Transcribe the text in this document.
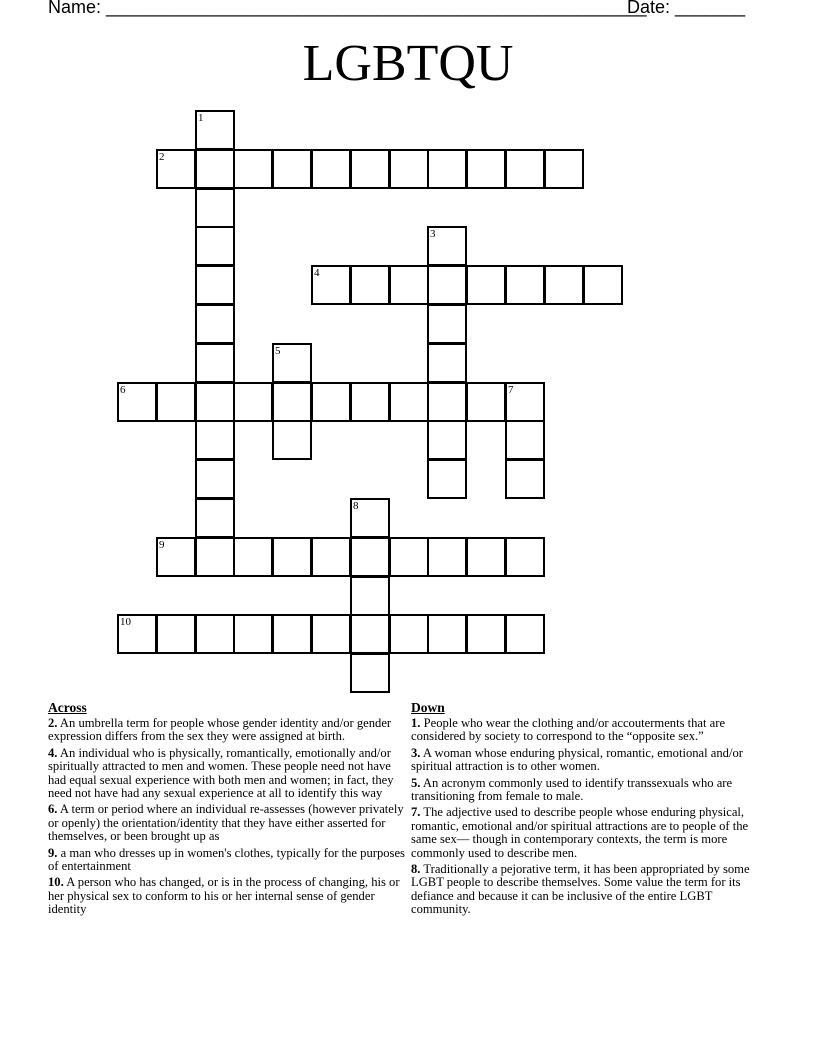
Name: ______________________________________________________
Date: _______
LGBTQU
1
2
3
4
5
6	7
8
9
10
Across
2. An umbrella term for people whose gender identity and/or gender expression differs from the sex they were assigned at birth.
4. An individual who is physically, romantically, emotionally and/or spiritually attracted to men and women. These people need not have had equal sexual experience with both men and women; in fact, they need not have had any sexual experience at all to identify this way
6. A term or period where an individual re-assesses (however privately or openly) the orientation/identity that they have either asserted for themselves, or been brought up as
9. a man who dresses up in women's clothes, typically for the purposes of entertainment
10. A person who has changed, or is in the process of changing, his or her physical sex to conform to his or her internal sense of gender identity
Down
1. People who wear the clothing and/or accouterments that are considered by society to correspond to the “opposite sex.”
3. A woman whose enduring physical, romantic, emotional and/or spiritual attraction is to other women.
5. An acronym commonly used to identify transsexuals who are transitioning from female to male.
7. The adjective used to describe people whose enduring physical, romantic, emotional and/or spiritual attractions are to people of the same sex— though in contemporary contexts, the term is more commonly used to describe men.
8. Traditionally a pejorative term, it has been appropriated by some LGBT people to describe themselves. Some value the term for its defiance and because it can be inclusive of the entire LGBT community.
